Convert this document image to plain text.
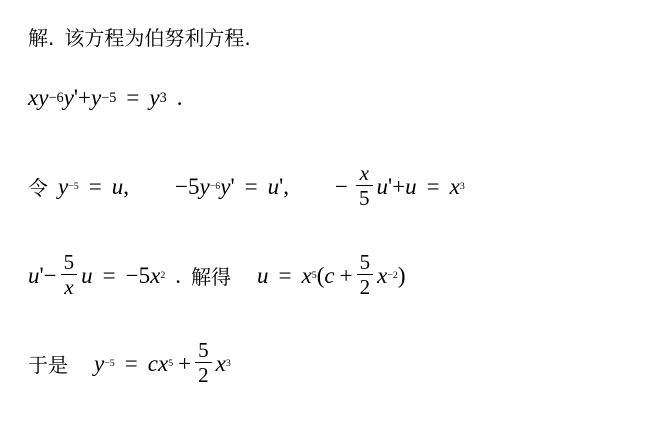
解. 该方程为伯努利方程.
x y −6 y ' + y −5 = y 3 .
令 y −5 = u , − 5 y −6 y ' = u ' , − $\frac{x}{5}$ u ' + u = x 3
u ' − $\frac{5}{x}$ u = − 5 x 2 . 解得 u = x 5 ( $c + \frac{5}{2}$ x −2 )
于是 y −5 = c x $5 + \frac{5}{2}$ x 3
